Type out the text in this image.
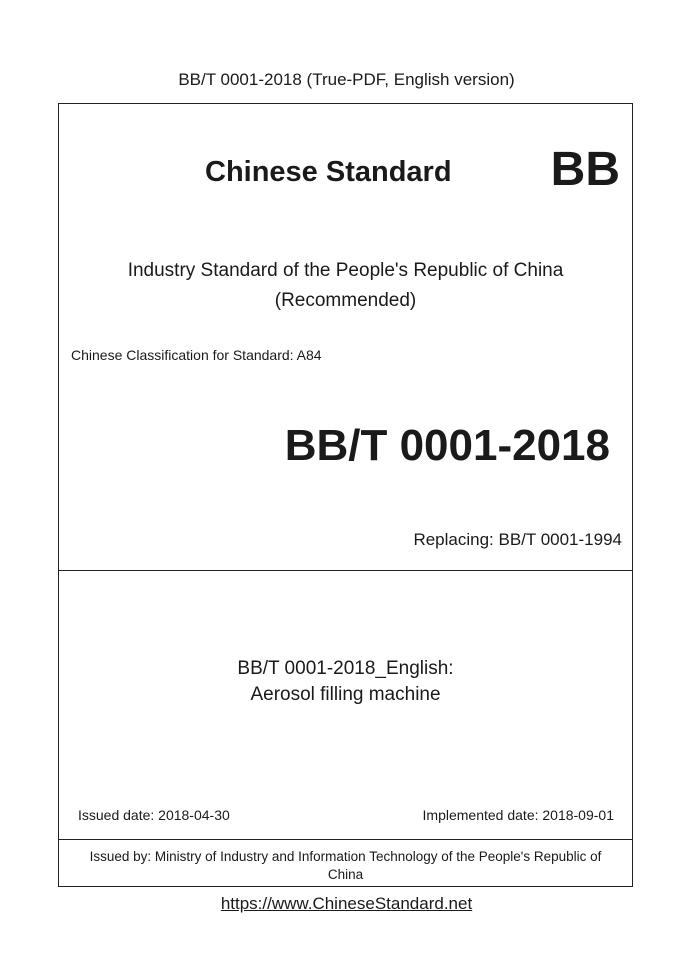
BB/T 0001-2018 (True-PDF, English version)
Chinese Standard BB
Industry Standard of the People's Republic of China
(Recommended)
Chinese Classification for Standard: A84
BB/T 0001-2018
Replacing: BB/T 0001-1994
BB/T 0001-2018_English:
Aerosol filling machine
Issued date: 2018-04-30	Implemented date: 2018-09-01
Issued by: Ministry of Industry and Information Technology of the People's Republic of
China
https://www.ChineseStandard.net
